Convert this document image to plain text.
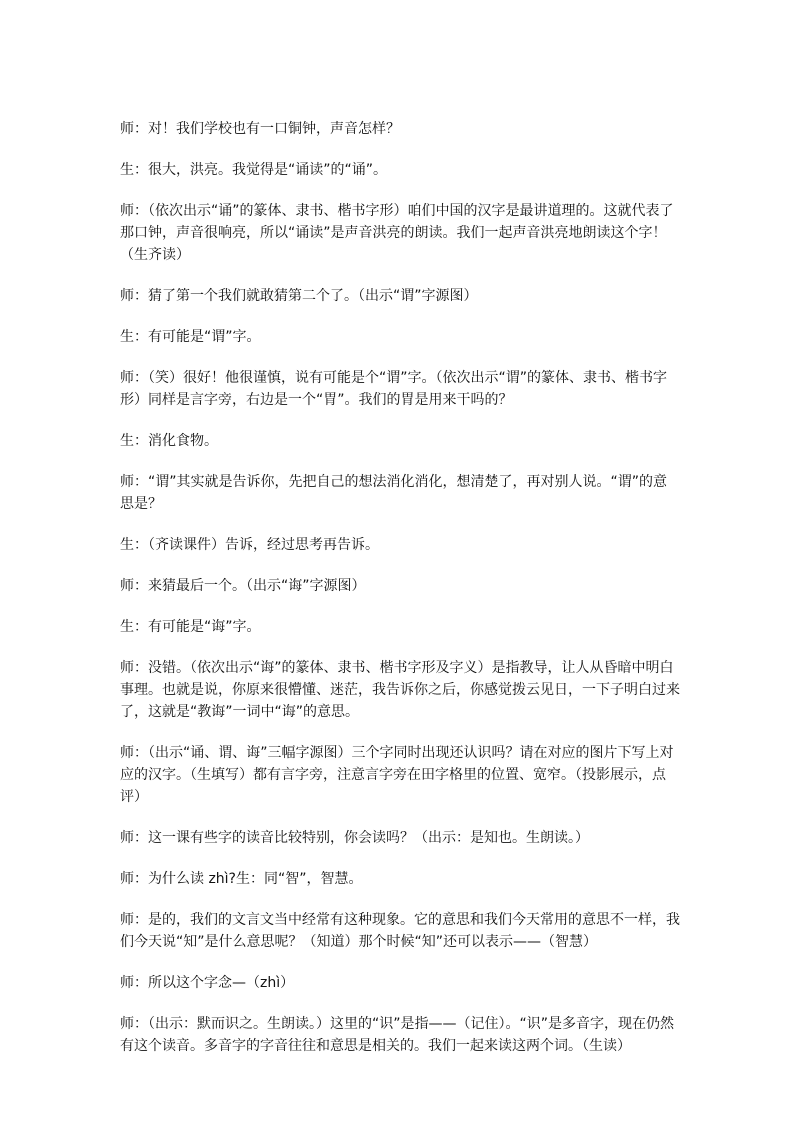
师：对！我们学校也有一口铜钟，声音怎样？

生：很大，洪亮。我觉得是“诵读”的“诵”。

师：（依次出示“诵”的篆体、隶书、楷书字形）咱们中国的汉字是最讲道理的。这就代表了那口钟，声音很响亮，所以“诵读”是声音洪亮的朗读。我们一起声音洪亮地朗读这个字！（生齐读）

师：猜了第一个我们就敢猜第二个了。（出示“谓”字源图）

生：有可能是“谓”字。

师：（笑）很好！他很谨慎，说有可能是个“谓”字。（依次出示“谓”的篆体、隶书、楷书字形）同样是言字旁，右边是一个“胃”。我们的胃是用来干吗的？

生：消化食物。

师：“谓”其实就是告诉你，先把自己的想法消化消化，想清楚了，再对别人说。“谓”的意思是？

生：（齐读课件）告诉，经过思考再告诉。

师：来猜最后一个。（出示“诲”字源图）

生：有可能是“诲”字。

师：没错。（依次出示“诲”的篆体、隶书、楷书字形及字义）是指教导，让人从昏暗中明白事理。也就是说，你原来很懵懂、迷茫，我告诉你之后，你感觉拨云见日，一下子明白过来了，这就是“教诲”一词中“诲”的意思。

师：（出示“诵、谓、诲”三幅字源图）三个字同时出现还认识吗？请在对应的图片下写上对应的汉字。（生填写）都有言字旁，注意言字旁在田字格里的位置、宽窄。（投影展示，点评）

师：这一课有些字的读音比较特别，你会读吗？（出示：是知也。生朗读。）

师：为什么读 zhì?生：同“智”，智慧。

师：是的，我们的文言文当中经常有这种现象。它的意思和我们今天常用的意思不一样，我们今天说“知”是什么意思呢？（知道）那个时候“知”还可以表示——（智慧）

师：所以这个字念—（zhì）

师：（出示：默而识之。生朗读。）这里的“识”是指——（记住）。“识”是多音字，现在仍然有这个读音。多音字的字音往往和意思是相关的。我们一起来读这两个词。（生读）
